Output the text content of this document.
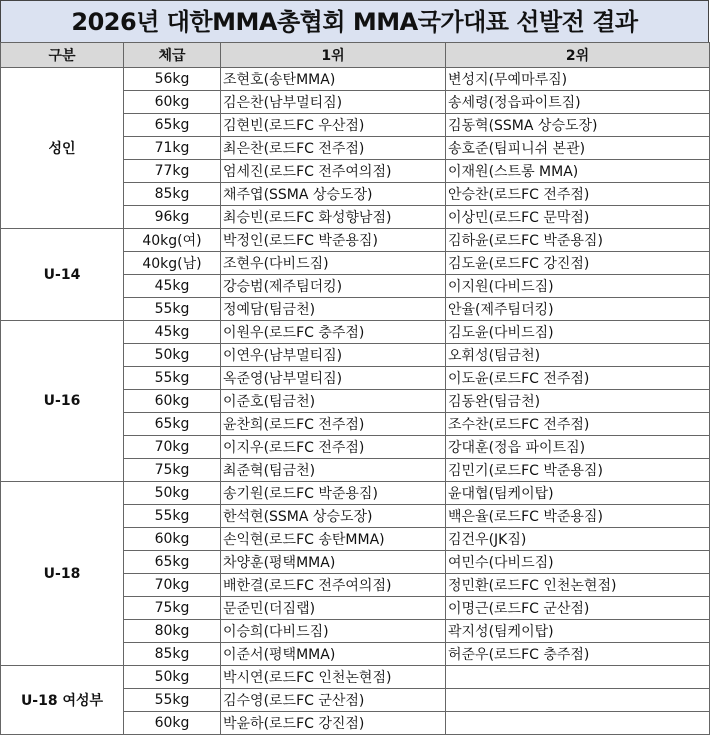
2026년 대한MMA총협회 MMA국가대표 선발전 결과
구분	체급	1위	2위
성인	56kg	조현호(송탄MMA)	변성지(무예마루짐)
	60kg	김은찬(남부멀티짐)	송세령(정읍파이트짐)
	65kg	김현빈(로드FC 우산점)	김동혁(SSMA 상승도장)
	71kg	최은찬(로드FC 전주점)	송호준(팀피니쉬 본관)
	77kg	엄세진(로드FC 전주여의점)	이재원(스트롱 MMA)
	85kg	채주엽(SSMA 상승도장)	안승찬(로드FC 전주점)
	96kg	최승빈(로드FC 화성향남점)	이상민(로드FC 문막점)
U-14	40kg(여)	박정인(로드FC 박준용짐)	김하윤(로드FC 박준용짐)
	40kg(남)	조현우(다비드짐)	김도윤(로드FC 강진점)
	45kg	강승범(제주팀더킹)	이지원(다비드짐)
	55kg	정예담(팀금천)	안율(제주팀더킹)
U-16	45kg	이원우(로드FC 충주점)	김도윤(다비드짐)
	50kg	이연우(남부멀티짐)	오휘성(팀금천)
	55kg	옥준영(남부멀티짐)	이도윤(로드FC 전주점)
	60kg	이준호(팀금천)	김동완(팀금천)
	65kg	윤찬희(로드FC 전주점)	조수찬(로드FC 전주점)
	70kg	이지우(로드FC 전주점)	강대훈(정읍 파이트짐)
	75kg	최준혁(팀금천)	김민기(로드FC 박준용짐)
U-18	50kg	송기원(로드FC 박준용짐)	윤대협(팀케이탑)
	55kg	한석현(SSMA 상승도장)	백은율(로드FC 박준용짐)
	60kg	손익현(로드FC 송탄MMA)	김건우(JK짐)
	65kg	차양훈(평택MMA)	여민수(다비드짐)
	70kg	배한결(로드FC 전주여의점)	정민환(로드FC 인천논현점)
	75kg	문준민(더짐랩)	이명근(로드FC 군산점)
	80kg	이승희(다비드짐)	곽지성(팀케이탑)
	85kg	이준서(평택MMA)	허준우(로드FC 충주점)
U-18 여성부	50kg	박시연(로드FC 인천논현점)	
	55kg	김수영(로드FC 군산점)	
	60kg	박윤하(로드FC 강진점)	
